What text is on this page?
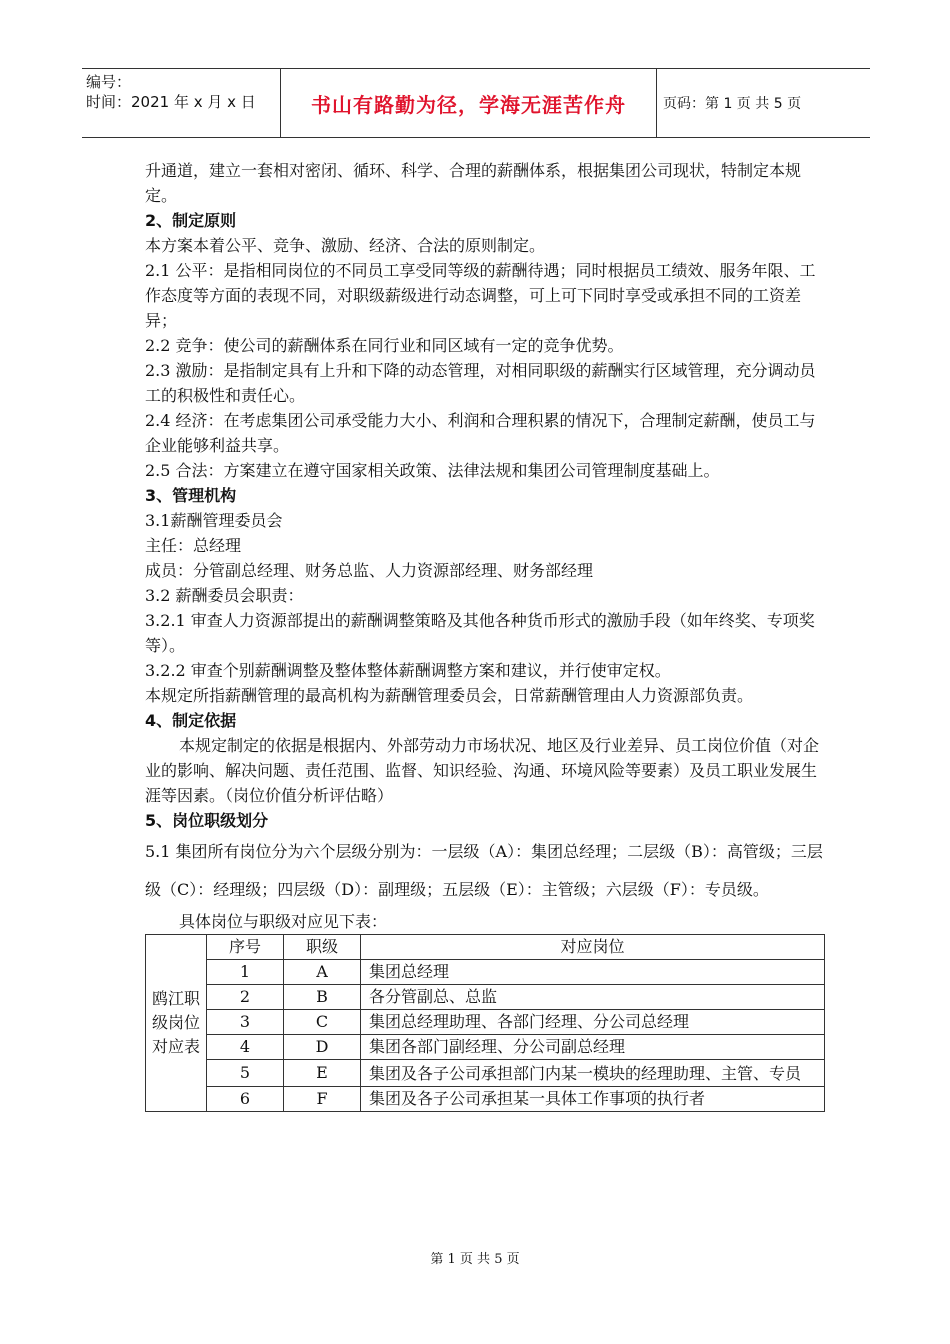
编号：
时间：2021 年 x 月 x 日	书山有路勤为径，学海无涯苦作舟	页码：第 1 页 共 5 页

升通道，建立一套相对密闭、循环、科学、合理的薪酬体系，根据集团公司现状，特制定本规定。

2、制定原则

本方案本着公平、竞争、激励、经济、合法的原则制定。

2.1 公平：是指相同岗位的不同员工享受同等级的薪酬待遇；同时根据员工绩效、服务年限、工作态度等方面的表现不同，对职级薪级进行动态调整，可上可下同时享受或承担不同的工资差异；

2.2 竞争：使公司的薪酬体系在同行业和同区域有一定的竞争优势。

2.3 激励：是指制定具有上升和下降的动态管理，对相同职级的薪酬实行区域管理，充分调动员工的积极性和责任心。

2.4 经济：在考虑集团公司承受能力大小、利润和合理积累的情况下，合理制定薪酬，使员工与企业能够利益共享。

2.5 合法：方案建立在遵守国家相关政策、法律法规和集团公司管理制度基础上。

3、管理机构

3.1薪酬管理委员会

主任：总经理

成员：分管副总经理、财务总监、人力资源部经理、财务部经理

3.2 薪酬委员会职责：

3.2.1 审查人力资源部提出的薪酬调整策略及其他各种货币形式的激励手段（如年终奖、专项奖等）。

3.2.2 审查个别薪酬调整及整体整体薪酬调整方案和建议，并行使审定权。

本规定所指薪酬管理的最高机构为薪酬管理委员会，日常薪酬管理由人力资源部负责。

4、制定依据

本规定制定的依据是根据内、外部劳动力市场状况、地区及行业差异、员工岗位价值（对企业的影响、解决问题、责任范围、监督、知识经验、沟通、环境风险等要素）及员工职业发展生涯等因素。（岗位价值分析评估略）

5、岗位职级划分

5.1 集团所有岗位分为六个层级分别为：一层级（A）：集团总经理；二层级（B）：高管级；三层级（C）：经理级；四层级（D）：副理级；五层级（E）：主管级；六层级（F）：专员级。

具体岗位与职级对应见下表：

鸥江职级岗位对应表	序号	职级	对应岗位
	1	A	集团总经理
	2	B	各分管副总、总监
	3	C	集团总经理助理、各部门经理、分公司总经理
	4	D	集团各部门副经理、分公司副总经理
	5	E	集团及各子公司承担部门内某一模块的经理助理、主管、专员
	6	F	集团及各子公司承担某一具体工作事项的执行者
第 1 页 共 5 页
